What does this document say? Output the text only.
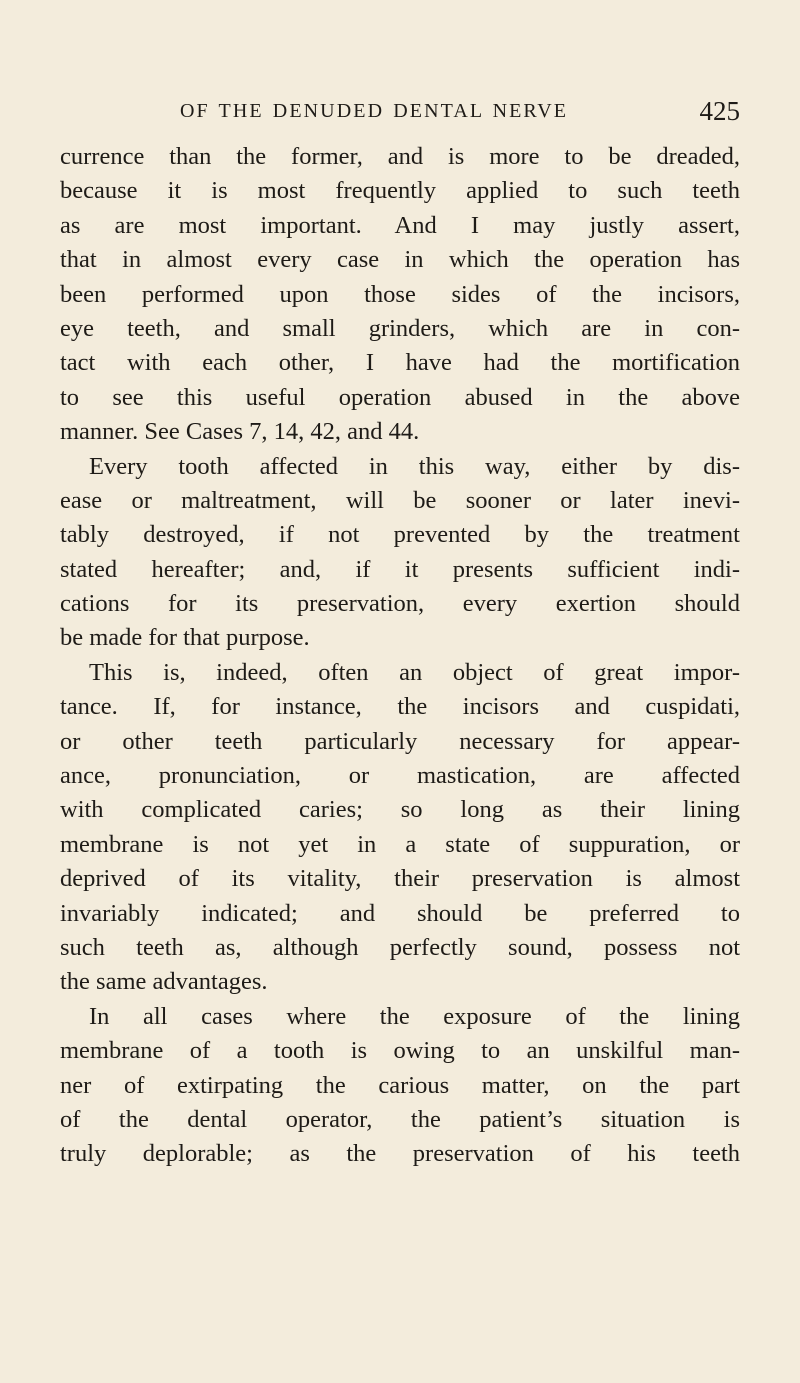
OF THE DENUDED DENTAL NERVE	425
currence than the former, and is more to be dreaded,
because it is most frequently applied to such teeth
as are most important. And I may justly assert,
that in almost every case in which the operation has
been performed upon those sides of the incisors,
eye teeth, and small grinders, which are in con-
tact with each other, I have had the mortification
to see this useful operation abused in the above
manner. See Cases 7, 14, 42, and 44.
Every tooth affected in this way, either by dis-
ease or maltreatment, will be sooner or later inevi-
tably destroyed, if not prevented by the treatment
stated hereafter; and, if it presents sufficient indi-
cations for its preservation, every exertion should
be made for that purpose.
This is, indeed, often an object of great impor-
tance. If, for instance, the incisors and cuspidati,
or other teeth particularly necessary for appear-
ance, pronunciation, or mastication, are affected
with complicated caries; so long as their lining
membrane is not yet in a state of suppuration, or
deprived of its vitality, their preservation is almost
invariably indicated; and should be preferred to
such teeth as, although perfectly sound, possess not
the same advantages.
In all cases where the exposure of the lining
membrane of a tooth is owing to an unskilful man-
ner of extirpating the carious matter, on the part
of the dental operator, the patient’s situation is
truly deplorable; as the preservation of his teeth
